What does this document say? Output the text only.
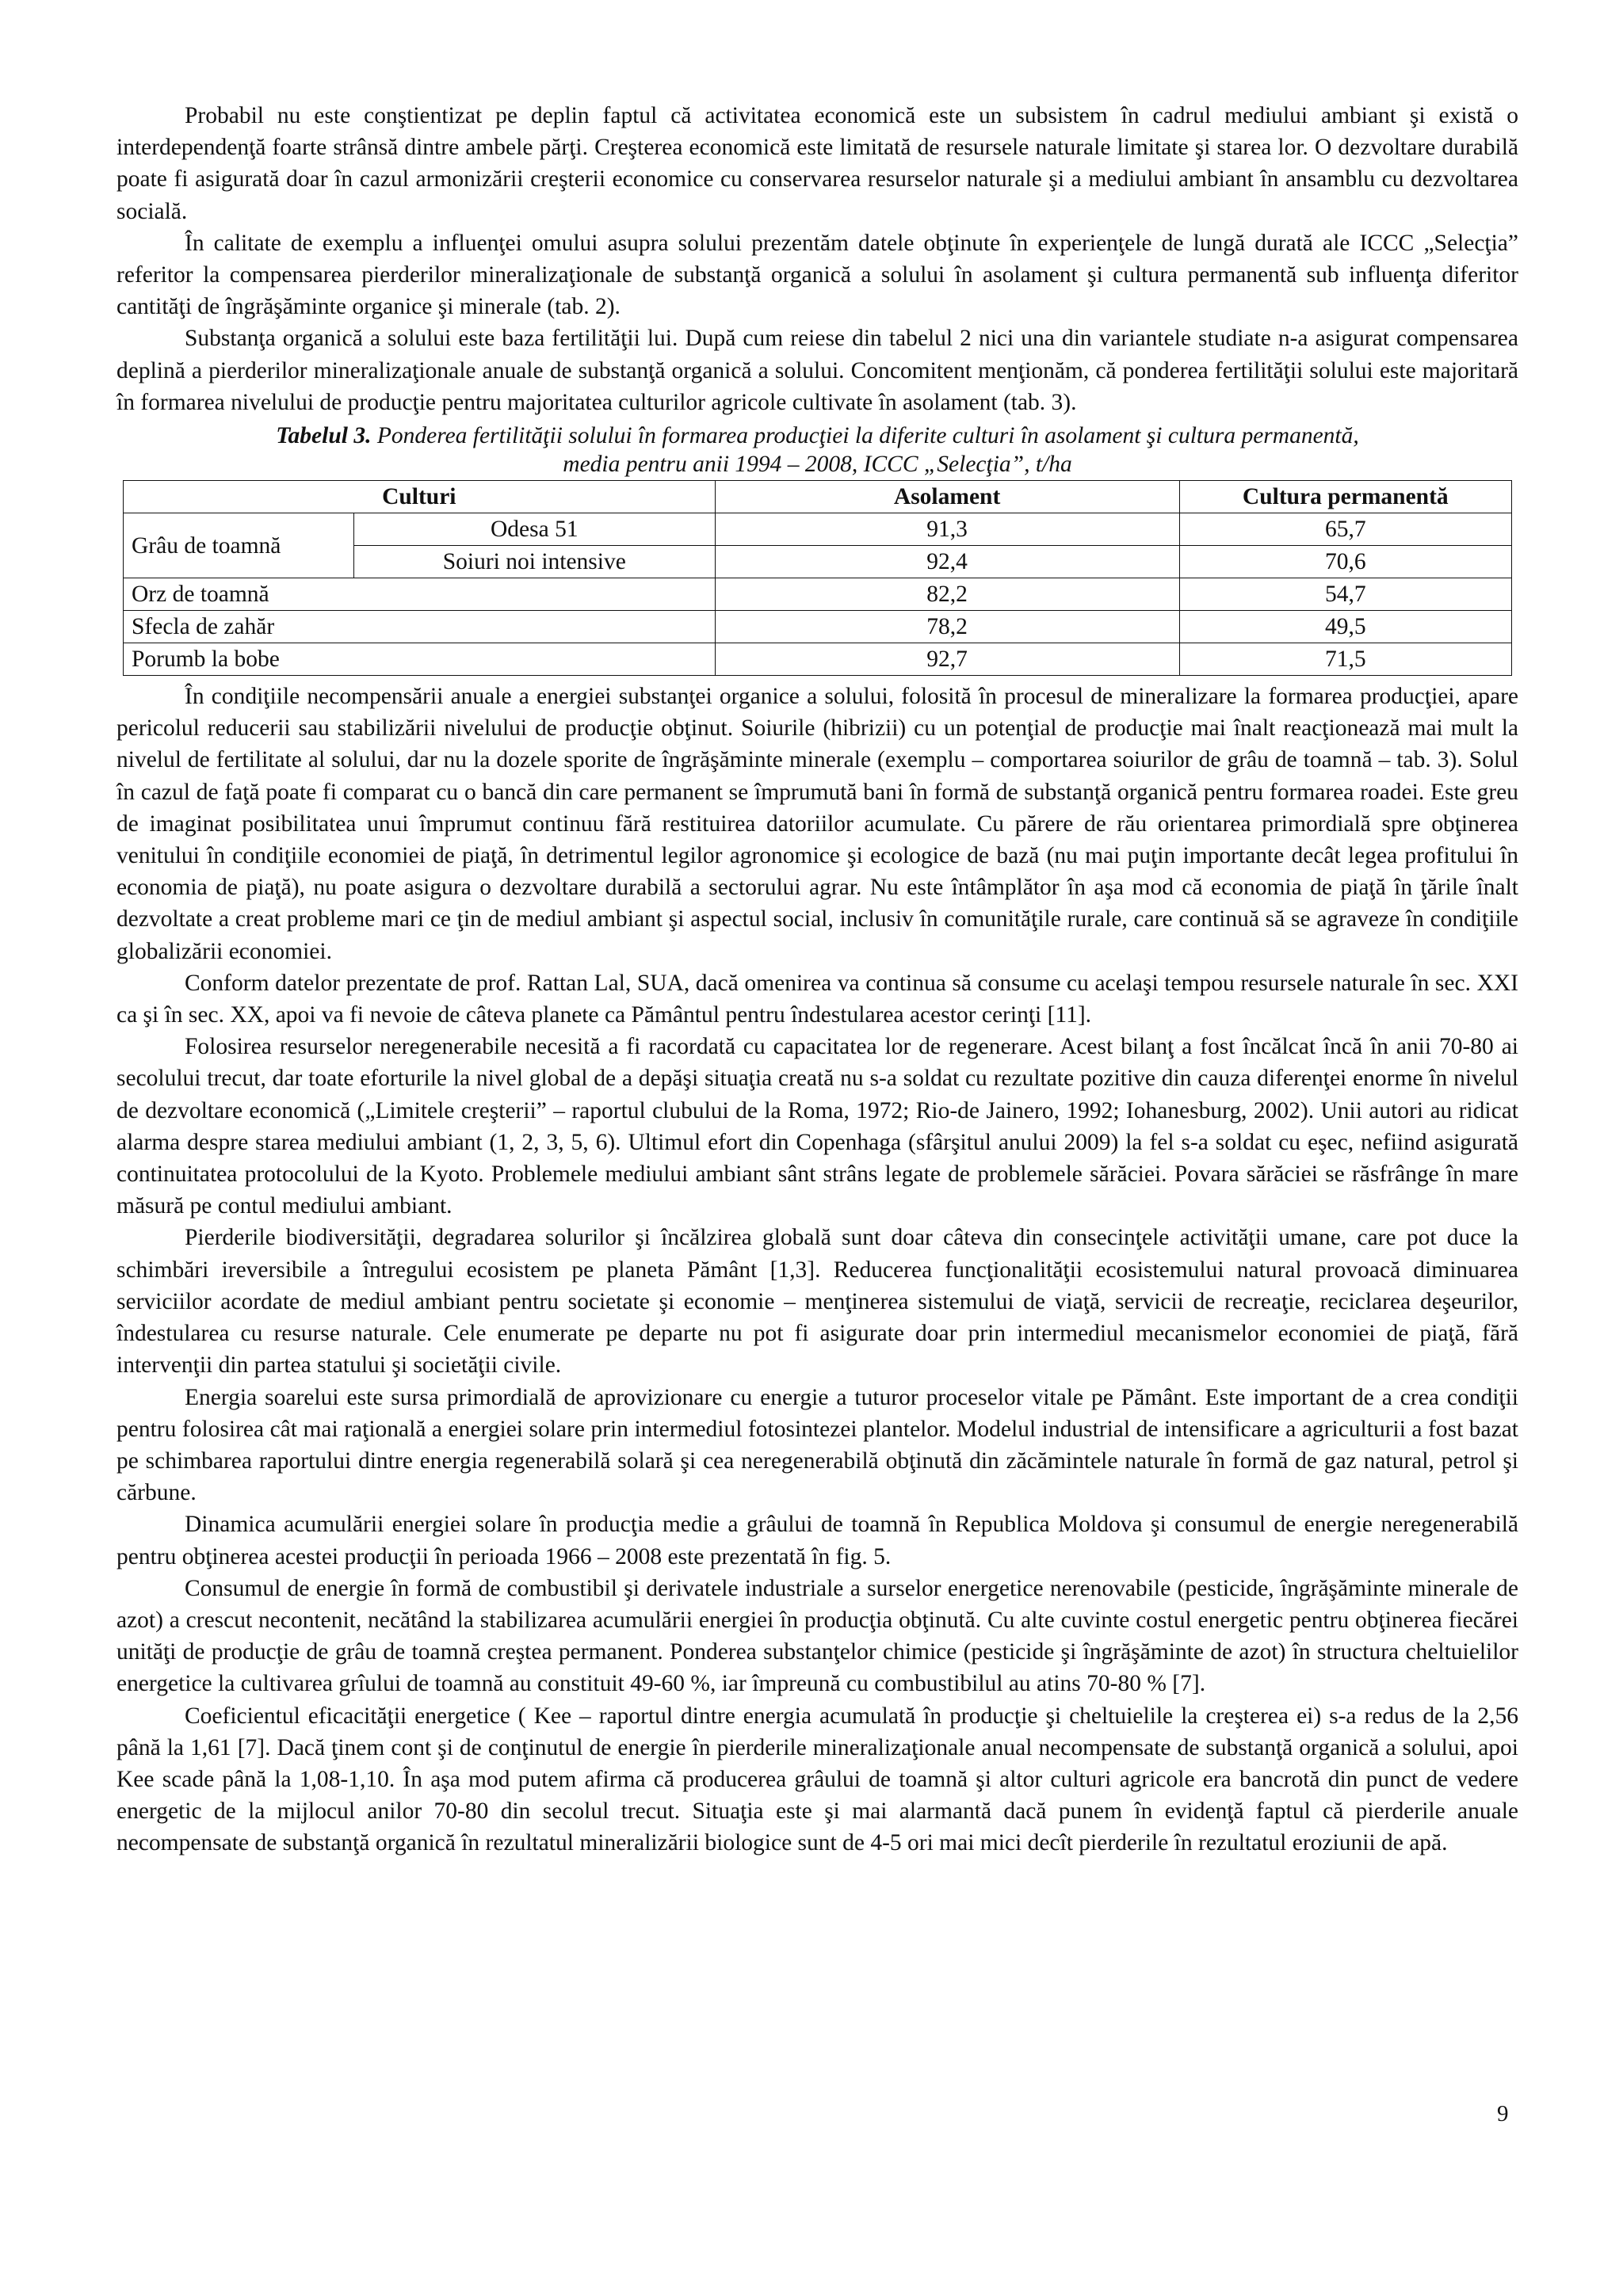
Probabil nu este conştientizat pe deplin faptul că activitatea economică este un subsistem în cadrul mediului ambiant şi există o interdependenţă foarte strânsă dintre ambele părţi. Creşterea economică este limitată de resursele naturale limitate şi starea lor. O dezvoltare durabilă poate fi asigurată doar în cazul armonizării creşterii economice cu conservarea resurselor naturale şi a mediului ambiant în ansamblu cu dezvoltarea socială.

În calitate de exemplu a influenţei omului asupra solului prezentăm datele obţinute în experienţele de lungă durată ale ICCC „Selecţia” referitor la compensarea pierderilor mineralizaţionale de substanţă organică a solului în asolament şi cultura permanentă sub influenţa diferitor cantităţi de îngrăşăminte organice şi minerale (tab. 2).

Substanţa organică a solului este baza fertilităţii lui. După cum reiese din tabelul 2 nici una din variantele studiate n-a asigurat compensarea deplină a pierderilor mineralizaţionale anuale de substanţă organică a solului. Concomitent menţionăm, că ponderea fertilităţii solului este majoritară în formarea nivelului de producţie pentru majoritatea culturilor agricole cultivate în asolament (tab. 3).

Tabelul 3. Ponderea fertilităţii solului în formarea producţiei la diferite culturi în asolament şi cultura permanentă,
media pentru anii 1994 – 2008, ICCC „Selecţia”, t/ha
Culturi		Asolament	Cultura permanentă
Grâu de toamnă	Odesa 51	91,3	65,7
	Soiuri noi intensive	92,4	70,6
Orz de toamnă		82,2	54,7
Sfecla de zahăr		78,2	49,5
Porumb la bobe		92,7	71,5

În condiţiile necompensării anuale a energiei substanţei organice a solului, folosită în procesul de mineralizare la formarea producţiei, apare pericolul reducerii sau stabilizării nivelului de producţie obţinut. Soiurile (hibrizii) cu un potenţial de producţie mai înalt reacţionează mai mult la nivelul de fertilitate al solului, dar nu la dozele sporite de îngrăşăminte minerale (exemplu – comportarea soiurilor de grâu de toamnă – tab. 3). Solul în cazul de faţă poate fi comparat cu o bancă din care permanent se împrumută bani în formă de substanţă organică pentru formarea roadei. Este greu de imaginat posibilitatea unui împrumut continuu fără restituirea datoriilor acumulate. Cu părere de rău orientarea primordială spre obţinerea venitului în condiţiile economiei de piaţă, în detrimentul legilor agronomice şi ecologice de bază (nu mai puţin importante decât legea profitului în economia de piaţă), nu poate asigura o dezvoltare durabilă a sectorului agrar. Nu este întâmplător în aşa mod că economia de piaţă în ţările înalt dezvoltate a creat probleme mari ce ţin de mediul ambiant şi aspectul social, inclusiv în comunităţile rurale, care continuă să se agraveze în condiţiile globalizării economiei.

Conform datelor prezentate de prof. Rattan Lal, SUA, dacă omenirea va continua să consume cu acelaşi tempou resursele naturale în sec. XXI ca şi în sec. XX, apoi va fi nevoie de câteva planete ca Pământul pentru îndestularea acestor cerinţi [11].

Folosirea resurselor neregenerabile necesită a fi racordată cu capacitatea lor de regenerare. Acest bilanţ a fost încălcat încă în anii 70-80 ai secolului trecut, dar toate eforturile la nivel global de a depăşi situaţia creată nu s-a soldat cu rezultate pozitive din cauza diferenţei enorme în nivelul de dezvoltare economică („Limitele creşterii” – raportul clubului de la Roma, 1972; Rio-de Jainero, 1992; Iohanesburg, 2002). Unii autori au ridicat alarma despre starea mediului ambiant (1, 2, 3, 5, 6). Ultimul efort din Copenhaga (sfârşitul anului 2009) la fel s-a soldat cu eşec, nefiind asigurată continuitatea protocolului de la Kyoto. Problemele mediului ambiant sânt strâns legate de problemele sărăciei. Povara sărăciei se răsfrânge în mare măsură pe contul mediului ambiant.

Pierderile biodiversităţii, degradarea solurilor şi încălzirea globală sunt doar câteva din consecinţele activităţii umane, care pot duce la schimbări ireversibile a întregului ecosistem pe planeta Pământ [1,3]. Reducerea funcţionalităţii ecosistemului natural provoacă diminuarea serviciilor acordate de mediul ambiant pentru societate şi economie – menţinerea sistemului de viaţă, servicii de recreaţie, reciclarea deşeurilor, îndestularea cu resurse naturale. Cele enumerate pe departe nu pot fi asigurate doar prin intermediul mecanismelor economiei de piaţă, fără intervenţii din partea statului şi societăţii civile.

Energia soarelui este sursa primordială de aprovizionare cu energie a tuturor proceselor vitale pe Pământ. Este important de a crea condiţii pentru folosirea cât mai raţională a energiei solare prin intermediul fotosintezei plantelor. Modelul industrial de intensificare a agriculturii a fost bazat pe schimbarea raportului dintre energia regenerabilă solară şi cea neregenerabilă obţinută din zăcămintele naturale în formă de gaz natural, petrol şi cărbune.

Dinamica acumulării energiei solare în producţia medie a grâului de toamnă în Republica Moldova şi consumul de energie neregenerabilă pentru obţinerea acestei producţii în perioada 1966 – 2008 este prezentată în fig. 5.

Consumul de energie în formă de combustibil şi derivatele industriale a surselor energetice nerenovabile (pesticide, îngrăşăminte minerale de azot) a crescut necontenit, necătând la stabilizarea acumulării energiei în producţia obţinută. Cu alte cuvinte costul energetic pentru obţinerea fiecărei unităţi de producţie de grâu de toamnă creştea permanent. Ponderea substanţelor chimice (pesticide şi îngrăşăminte de azot) în structura cheltuielilor energetice la cultivarea grîului de toamnă au constituit 49-60 %, iar împreună cu combustibilul au atins 70-80 % [7].

Coeficientul eficacităţii energetice ( Kee – raportul dintre energia acumulată în producţie şi cheltuielile la creşterea ei) s-a redus de la 2,56 până la 1,61 [7]. Dacă ţinem cont şi de conţinutul de energie în pierderile mineralizaţionale anual necompensate de substanţă organică a solului, apoi Kee scade până la 1,08-1,10. În aşa mod putem afirma că producerea grâului de toamnă şi altor culturi agricole era bancrotă din punct de vedere energetic de la mijlocul anilor 70-80 din secolul trecut. Situaţia este şi mai alarmantă dacă punem în evidenţă faptul că pierderile anuale necompensate de substanţă organică în rezultatul mineralizării biologice sunt de 4-5 ori mai mici decît pierderile în rezultatul eroziunii de apă.

9
